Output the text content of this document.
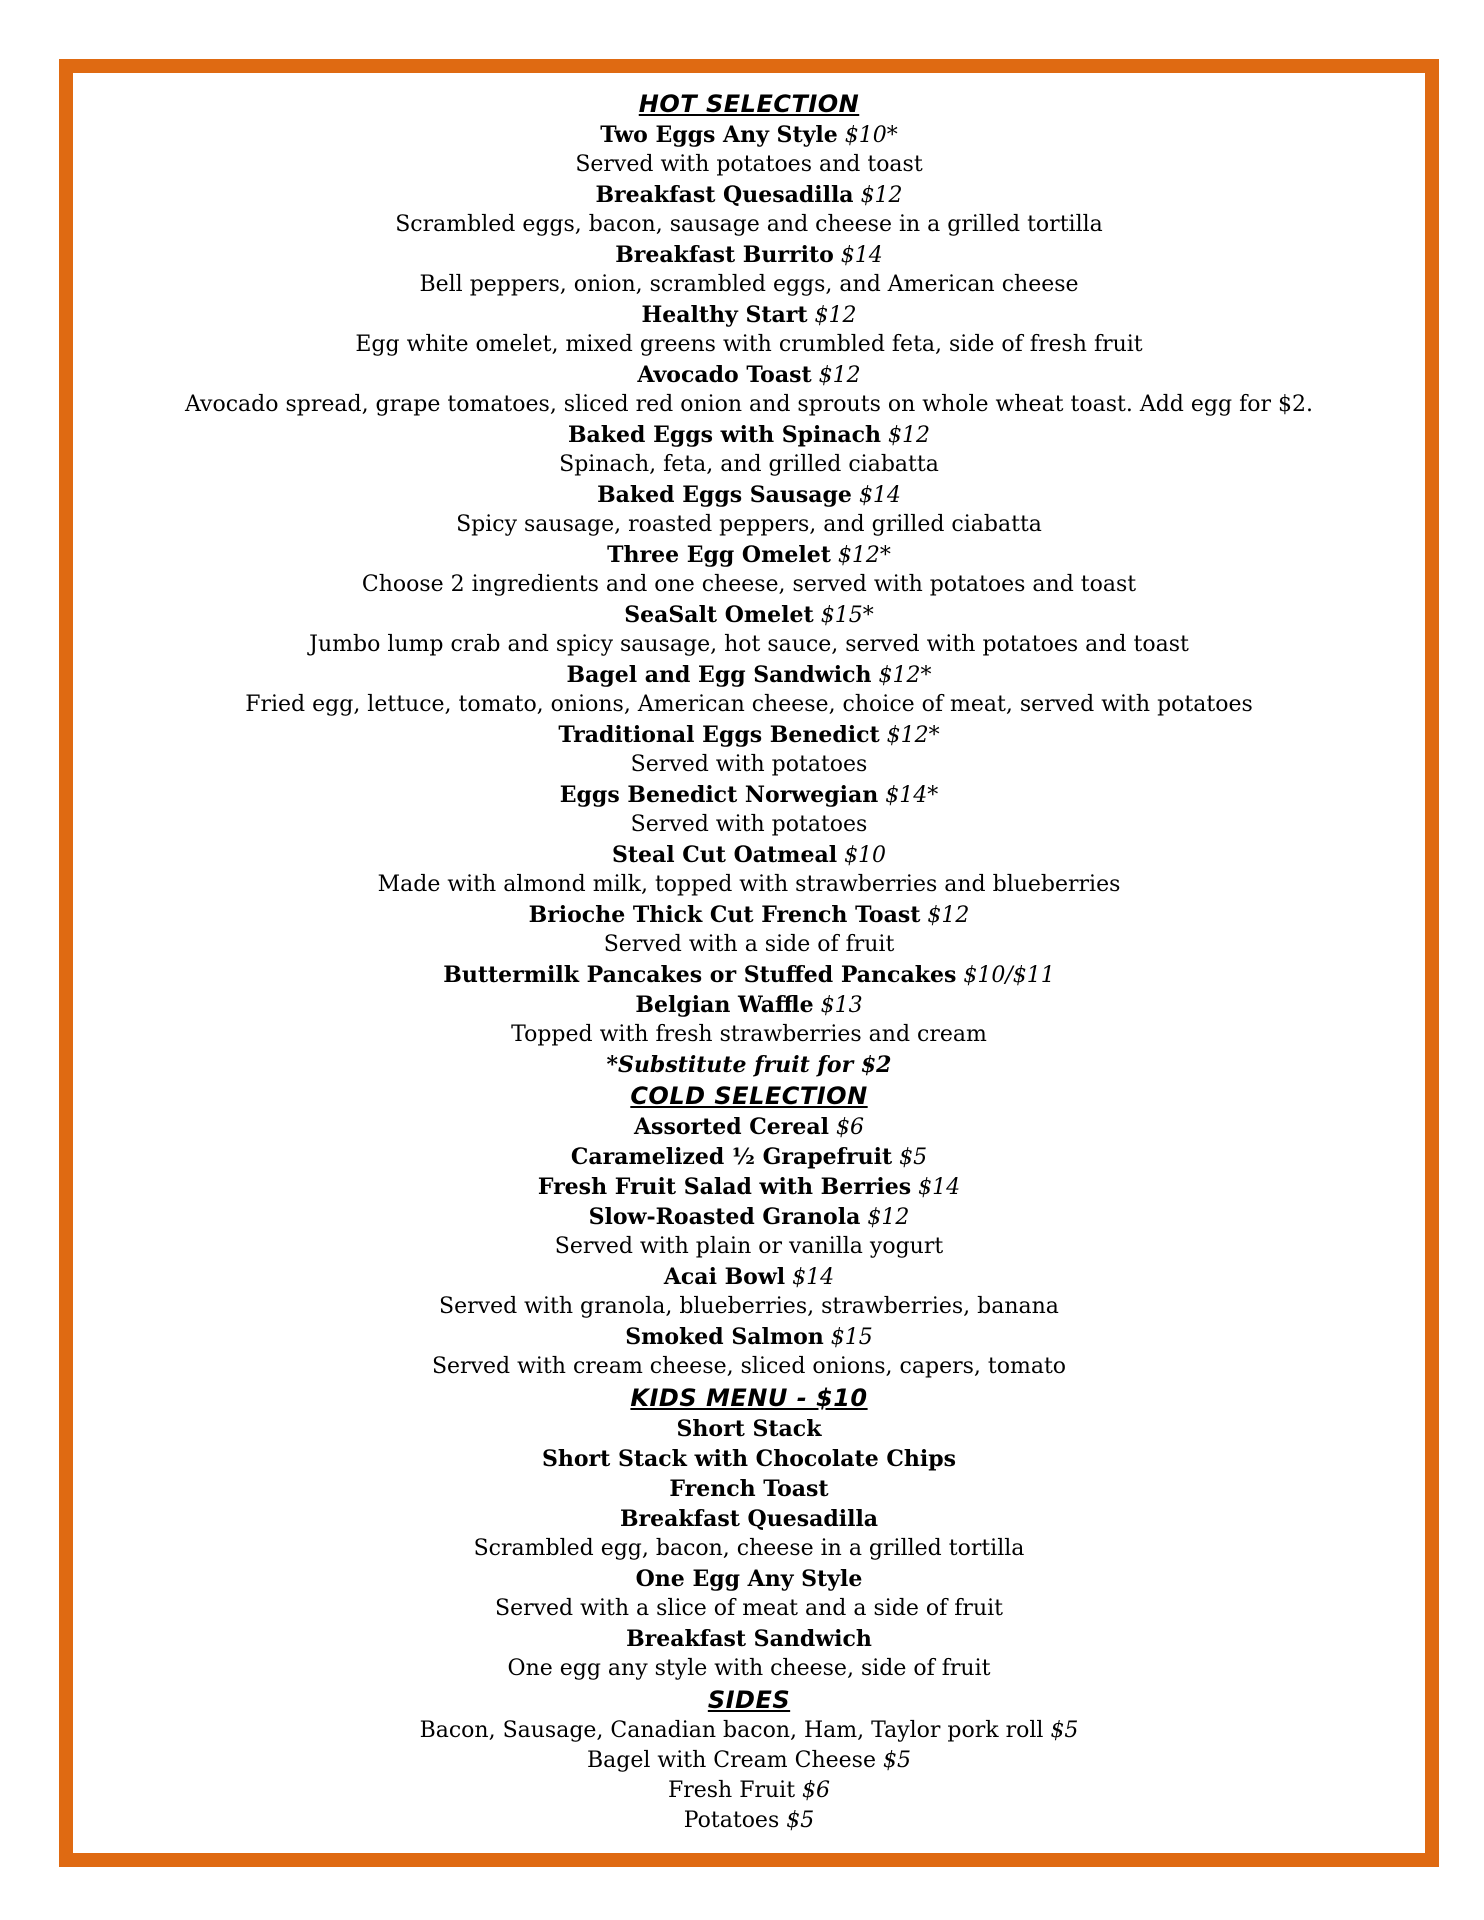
HOT SELECTION
Two Eggs Any Style $10*
Served with potatoes and toast
Breakfast Quesadilla $12
Scrambled eggs, bacon, sausage and cheese in a grilled tortilla
Breakfast Burrito $14
Bell peppers, onion, scrambled eggs, and American cheese
Healthy Start $12
Egg white omelet, mixed greens with crumbled feta, side of fresh fruit
Avocado Toast $12
Avocado spread, grape tomatoes, sliced red onion and sprouts on whole wheat toast. Add egg for $2.
Baked Eggs with Spinach $12
Spinach, feta, and grilled ciabatta
Baked Eggs Sausage $14
Spicy sausage, roasted peppers, and grilled ciabatta
Three Egg Omelet $12*
Choose 2 ingredients and one cheese, served with potatoes and toast
SeaSalt Omelet $15*
Jumbo lump crab and spicy sausage, hot sauce, served with potatoes and toast
Bagel and Egg Sandwich $12*
Fried egg, lettuce, tomato, onions, American cheese, choice of meat, served with potatoes
Traditional Eggs Benedict $12*
Served with potatoes
Eggs Benedict Norwegian $14*
Served with potatoes
Steal Cut Oatmeal $10
Made with almond milk, topped with strawberries and blueberries
Brioche Thick Cut French Toast $12
Served with a side of fruit
Buttermilk Pancakes or Stuffed Pancakes $10/$11
Belgian Waffle $13
Topped with fresh strawberries and cream
*Substitute fruit for $2
COLD SELECTION
Assorted Cereal $6
Caramelized ½ Grapefruit $5
Fresh Fruit Salad with Berries $14
Slow-Roasted Granola $12
Served with plain or vanilla yogurt
Acai Bowl $14
Served with granola, blueberries, strawberries, banana
Smoked Salmon $15
Served with cream cheese, sliced onions, capers, tomato
KIDS MENU - $10
Short Stack
Short Stack with Chocolate Chips
French Toast
Breakfast Quesadilla
Scrambled egg, bacon, cheese in a grilled tortilla
One Egg Any Style
Served with a slice of meat and a side of fruit
Breakfast Sandwich
One egg any style with cheese, side of fruit
SIDES
Bacon, Sausage, Canadian bacon, Ham, Taylor pork roll $5
Bagel with Cream Cheese $5
Fresh Fruit $6
Potatoes $5
